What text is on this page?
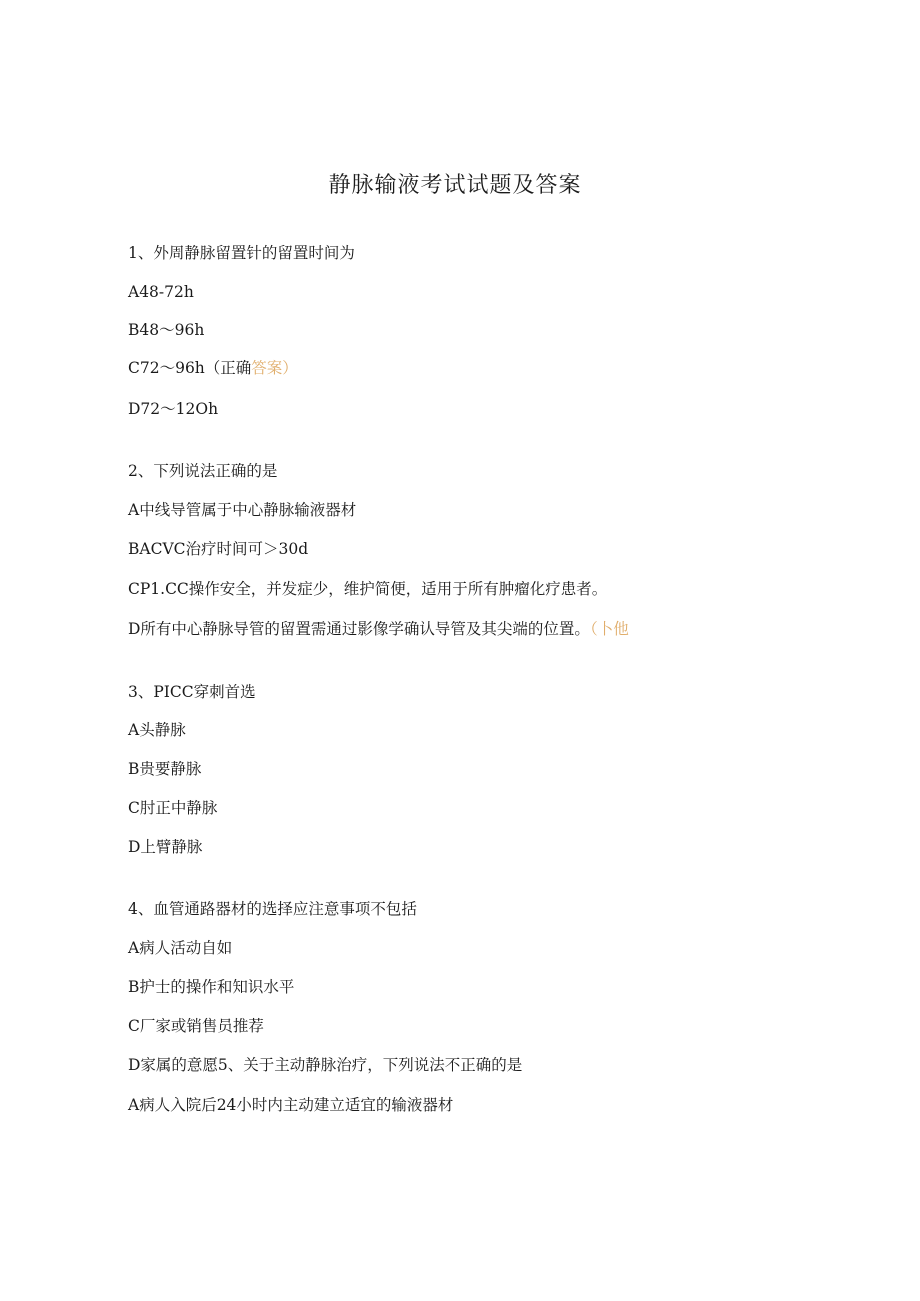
静脉输液考试试题及答案
1、外周静脉留置针的留置时间为
A48-72h
B48～96h
C72～96h（正确答案）
D72～12Oh
2、下列说法正确的是
A中线导管属于中心静脉输液器材
BACVC治疗时间可＞30d
CP1.CC操作安全，并发症少，维护简便，适用于所有肿瘤化疗患者。
D所有中心静脉导管的留置需通过影像学确认导管及其尖端的位置。（卜他
3、PICC穿刺首选
A头静脉
B贵要静脉
C肘正中静脉
D上臂静脉
4、血管通路器材的选择应注意事项不包括
A病人活动自如
B护士的操作和知识水平
C厂家或销售员推荐
D家属的意愿5、关于主动静脉治疗，下列说法不正确的是
A病人入院后24小时内主动建立适宜的输液器材
